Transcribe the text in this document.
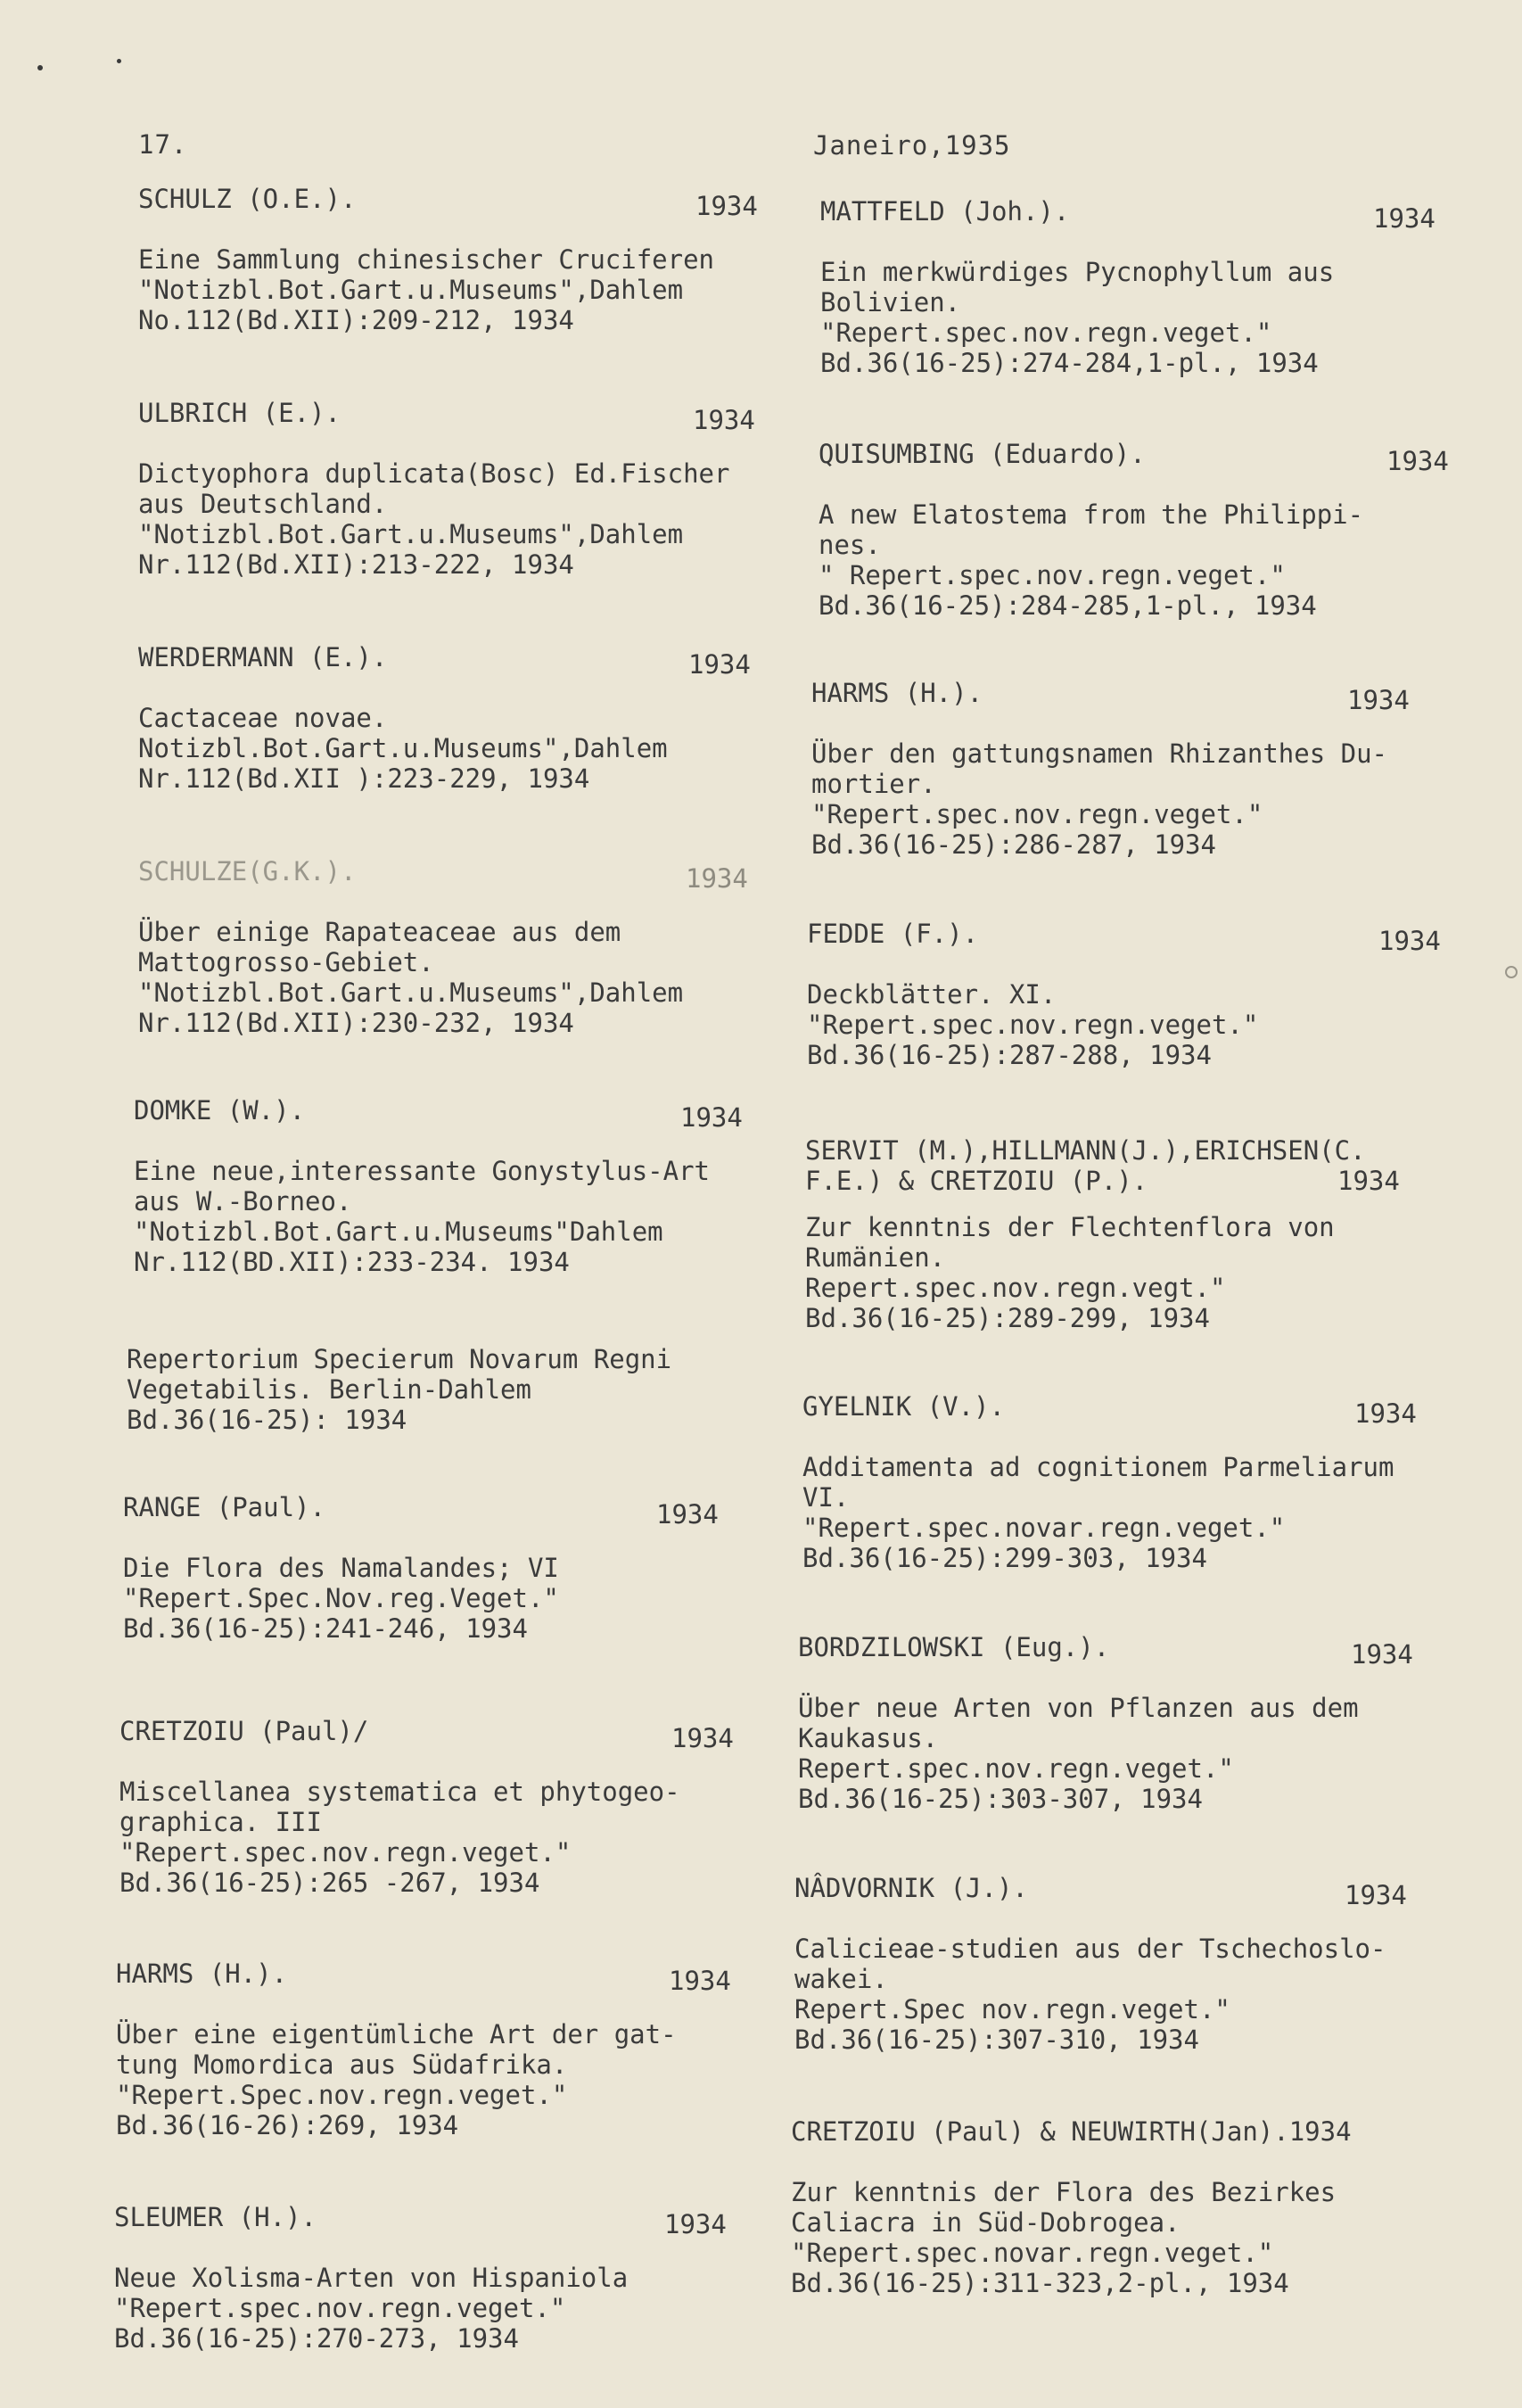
17.	Janeiro,1935
SCHULZ (O.E.).	1934
Eine Sammlung chinesischer Cruciferen
"Notizbl.Bot.Gart.u.Museums",Dahlem
No.112(Bd.XII):209-212, 1934
ULBRICH (E.).	1934
Dictyophora duplicata(Bosc) Ed.Fischer
aus Deutschland.
"Notizbl.Bot.Gart.u.Museums",Dahlem
Nr.112(Bd.XII):213-222, 1934
WERDERMANN (E.).	1934
Cactaceae novae.
Notizbl.Bot.Gart.u.Museums",Dahlem
Nr.112(Bd.XII ):223-229, 1934
SCHULZE(G.K.).	1934
Über einige Rapateaceae aus dem
Mattogrosso-Gebiet.
"Notizbl.Bot.Gart.u.Museums",Dahlem
Nr.112(Bd.XII):230-232, 1934
DOMKE (W.).	1934
Eine neue,interessante Gonystylus-Art
aus W.-Borneo.
"Notizbl.Bot.Gart.u.Museums"Dahlem
Nr.112(BD.XII):233-234. 1934
Repertorium Specierum Novarum Regni
Vegetabilis. Berlin-Dahlem
Bd.36(16-25): 1934
RANGE (Paul).	1934
Die Flora des Namalandes; VI
"Repert.Spec.Nov.reg.Veget."
Bd.36(16-25):241-246, 1934
CRETZOIU (Paul)/	1934
Miscellanea systematica et phytogeo-
graphica. III
"Repert.spec.nov.regn.veget."
Bd.36(16-25):265 -267, 1934
HARMS (H.).	1934
Über eine eigentümliche Art der gat-
tung Momordica aus Südafrika.
"Repert.Spec.nov.regn.veget."
Bd.36(16-26):269, 1934
SLEUMER (H.).	1934
Neue Xolisma-Arten von Hispaniola
"Repert.spec.nov.regn.veget."
Bd.36(16-25):270-273, 1934
MATTFELD (Joh.).	1934
Ein merkwürdiges Pycnophyllum aus
Bolivien.
"Repert.spec.nov.regn.veget."
Bd.36(16-25):274-284,1-pl., 1934
QUISUMBING (Eduardo).	1934
A new Elatostema from the Philippi-
nes.
" Repert.spec.nov.regn.veget."
Bd.36(16-25):284-285,1-pl., 1934
HARMS (H.).	1934
Über den gattungsnamen Rhizanthes Du-
mortier.
"Repert.spec.nov.regn.veget."
Bd.36(16-25):286-287, 1934
FEDDE (F.).	1934
Deckblätter. XI.
"Repert.spec.nov.regn.veget."
Bd.36(16-25):287-288, 1934
SERVIT (M.),HILLMANN(J.),ERICHSEN(C.
F.E.) & CRETZOIU (P.).	1934
Zur kenntnis der Flechtenflora von
Rumänien.
Repert.spec.nov.regn.vegt."
Bd.36(16-25):289-299, 1934
GYELNIK (V.).	1934
Additamenta ad cognitionem Parmeliarum
VI.
"Repert.spec.novar.regn.veget."
Bd.36(16-25):299-303, 1934
BORDZILOWSKI (Eug.).	1934
Über neue Arten von Pflanzen aus dem
Kaukasus.
Repert.spec.nov.regn.veget."
Bd.36(16-25):303-307, 1934
NÂDVORNIK (J.).	1934
Caliciеae-studien aus der Tschechoslo-
wakei.
Repert.Spec nov.regn.veget."
Bd.36(16-25):307-310, 1934
CRETZOIU (Paul) & NEUWIRTH(Jan).1934
Zur kenntnis der Flora des Bezirkes
Caliacra in Süd-Dobrogea.
"Repert.spec.novar.regn.veget."
Bd.36(16-25):311-323,2-pl., 1934
